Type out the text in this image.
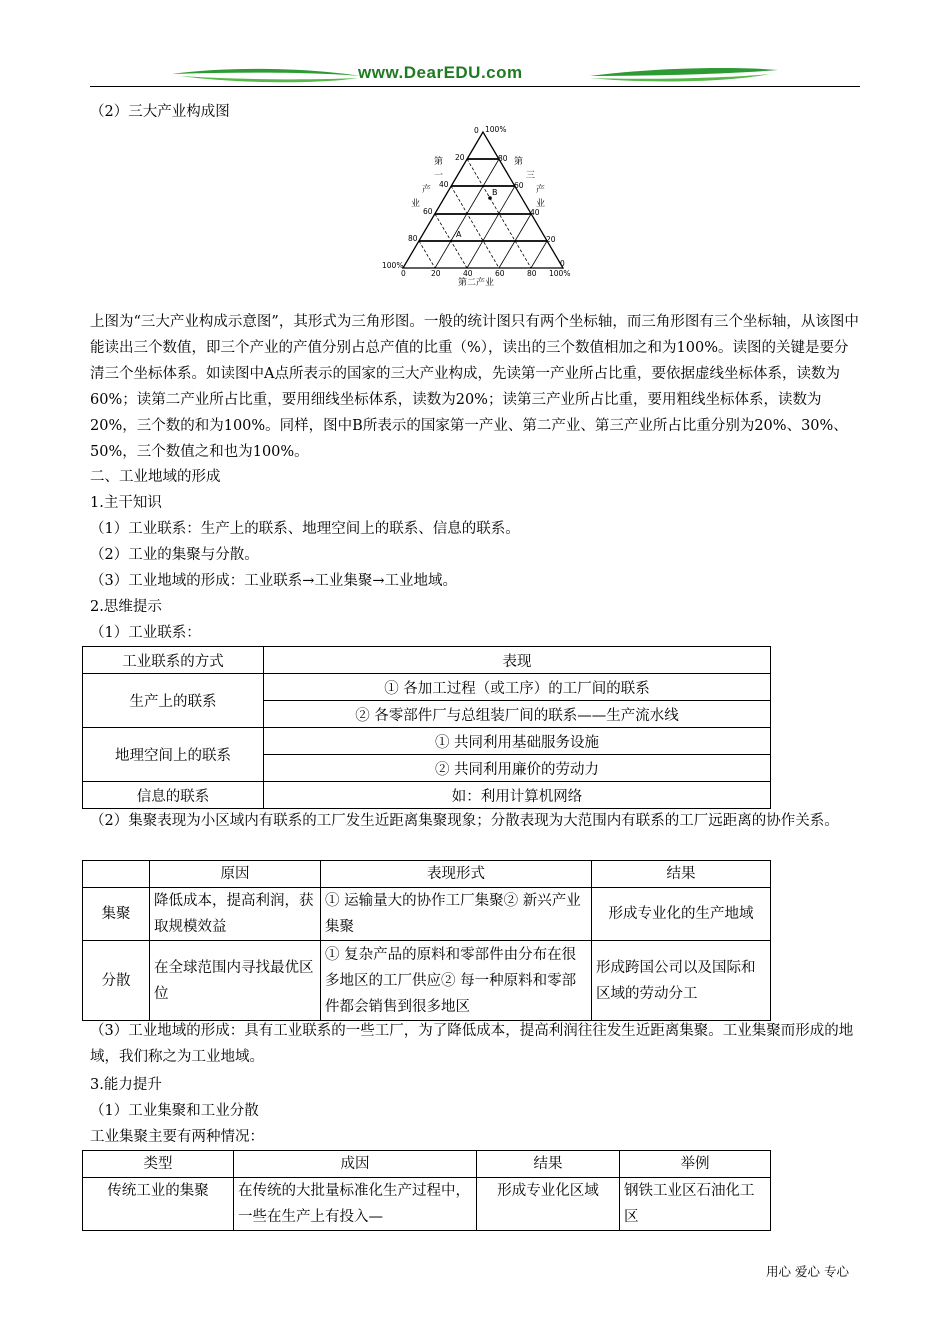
www.DearEDU.com
（2）三大产业构成图
0 100%
20
40
60
80
100%
80
60
40
20
0
0	20	40	60	80 100%
第
一
产
业
第
三
产
业
第二产业
A
B
上图为“三大产业构成示意图”，其形式为三角形图。一般的统计图只有两个坐标轴，而三角形图有三个坐标轴，从该图中能读出三个数值，即三个产业的产值分别占总产值的比重（%），读出的三个数值相加之和为100%。读图的关键是要分清三个坐标体系。如读图中A点所表示的国家的三大产业构成，先读第一产业所占比重，要依据虚线坐标体系，读数为60%；读第二产业所占比重，要用细线坐标体系，读数为20%；读第三产业所占比重，要用粗线坐标体系，读数为20%，三个数的和为100%。同样，图中B所表示的国家第一产业、第二产业、第三产业所占比重分别为20%、30%、50%，三个数值之和也为100%。
二、工业地域的形成
1.主干知识
（1）工业联系：生产上的联系、地理空间上的联系、信息的联系。
（2）工业的集聚与分散。
（3）工业地域的形成：工业联系→工业集聚→工业地域。
2.思维提示
（1）工业联系：
工业联系的方式	表现
生产上的联系	① 各加工过程（或工序）的工厂间的联系
	② 各零部件厂与总组装厂间的联系——生产流水线
地理空间上的联系	① 共同利用基础服务设施
	② 共同利用廉价的劳动力
信息的联系	如：利用计算机网络
（2）集聚表现为小区域内有联系的工厂发生近距离集聚现象；分散表现为大范围内有联系的工厂远距离的协作关系。
	原因	表现形式	结果
集聚	降低成本，提高利润，获取规模效益	① 运输量大的协作工厂集聚② 新兴产业集聚	形成专业化的生产地域
分散	在全球范围内寻找最优区位	① 复杂产品的原料和零部件由分布在很多地区的工厂供应② 每一种原料和零部件都会销售到很多地区	形成跨国公司以及国际和区域的劳动分工
（3）工业地域的形成：具有工业联系的一些工厂，为了降低成本，提高利润往往发生近距离集聚。工业集聚而形成的地域，我们称之为工业地域。
3.能力提升
（1）工业集聚和工业分散
工业集聚主要有两种情况：
类型	成因	结果	举例
传统工业的集聚	在传统的大批量标准化生产过程中，一些在生产上有投入—	形成专业化区域	钢铁工业区石油化工区
用心 爱心 专心
